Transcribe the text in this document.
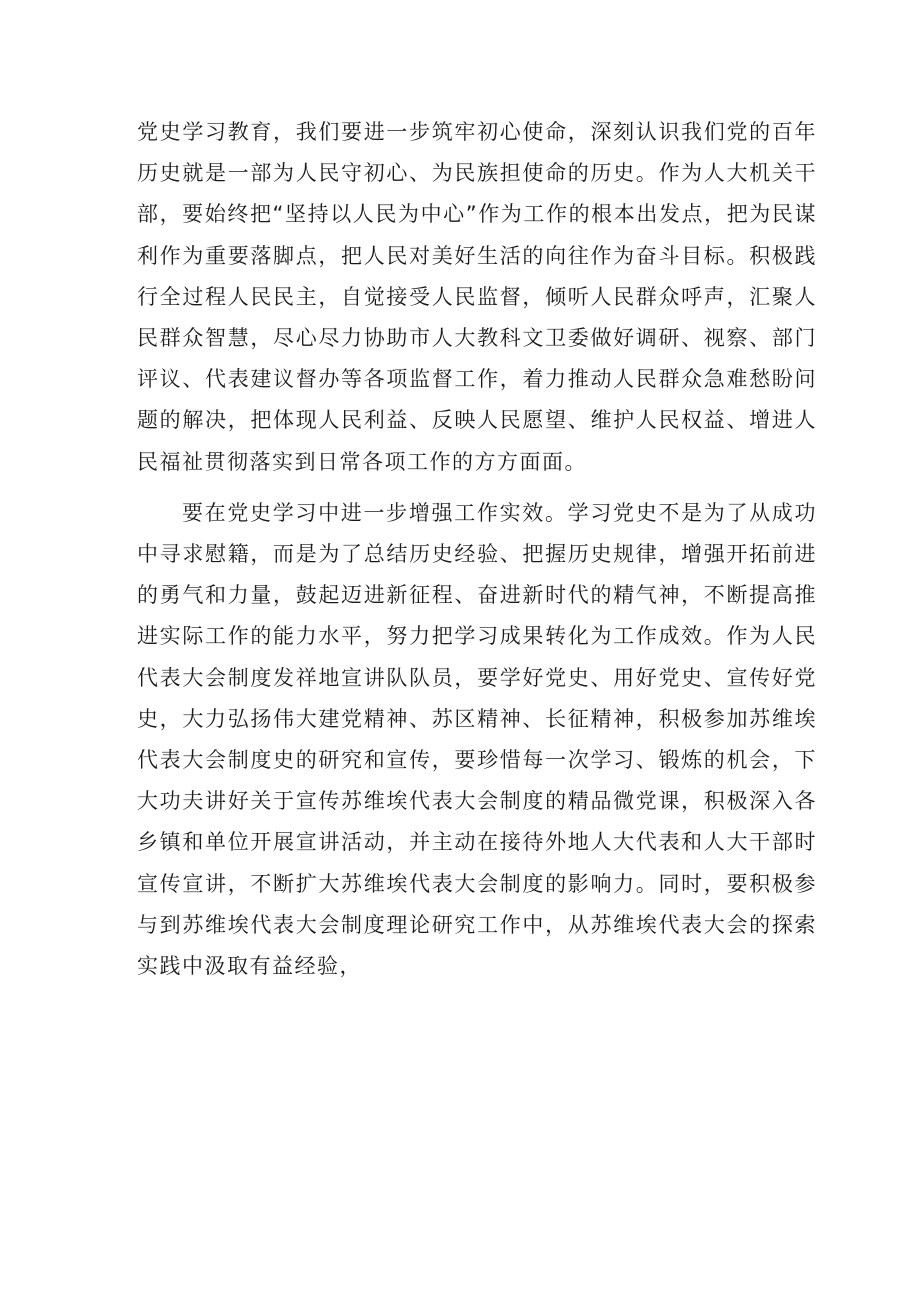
党史学习教育，我们要进一步筑牢初心使命，深刻认识我们党的百年历史就是一部为人民守初心、为民族担使命的历史。作为人大机关干部，要始终把“坚持以人民为中心”作为工作的根本出发点，把为民谋利作为重要落脚点，把人民对美好生活的向往作为奋斗目标。积极践行全过程人民民主，自觉接受人民监督，倾听人民群众呼声，汇聚人民群众智慧，尽心尽力协助市人大教科文卫委做好调研、视察、部门评议、代表建议督办等各项监督工作，着力推动人民群众急难愁盼问题的解决，把体现人民利益、反映人民愿望、维护人民权益、增进人民福祉贯彻落实到日常各项工作的方方面面。

要在党史学习中进一步增强工作实效。学习党史不是为了从成功中寻求慰籍，而是为了总结历史经验、把握历史规律，增强开拓前进的勇气和力量，鼓起迈进新征程、奋进新时代的精气神，不断提高推进实际工作的能力水平，努力把学习成果转化为工作成效。作为人民代表大会制度发祥地宣讲队队员，要学好党史、用好党史、宣传好党史，大力弘扬伟大建党精神、苏区精神、长征精神，积极参加苏维埃代表大会制度史的研究和宣传，要珍惜每一次学习、锻炼的机会，下大功夫讲好关于宣传苏维埃代表大会制度的精品微党课，积极深入各乡镇和单位开展宣讲活动，并主动在接待外地人大代表和人大干部时宣传宣讲，不断扩大苏维埃代表大会制度的影响力。同时，要积极参与到苏维埃代表大会制度理论研究工作中，从苏维埃代表大会的探索实践中汲取有益经验，
